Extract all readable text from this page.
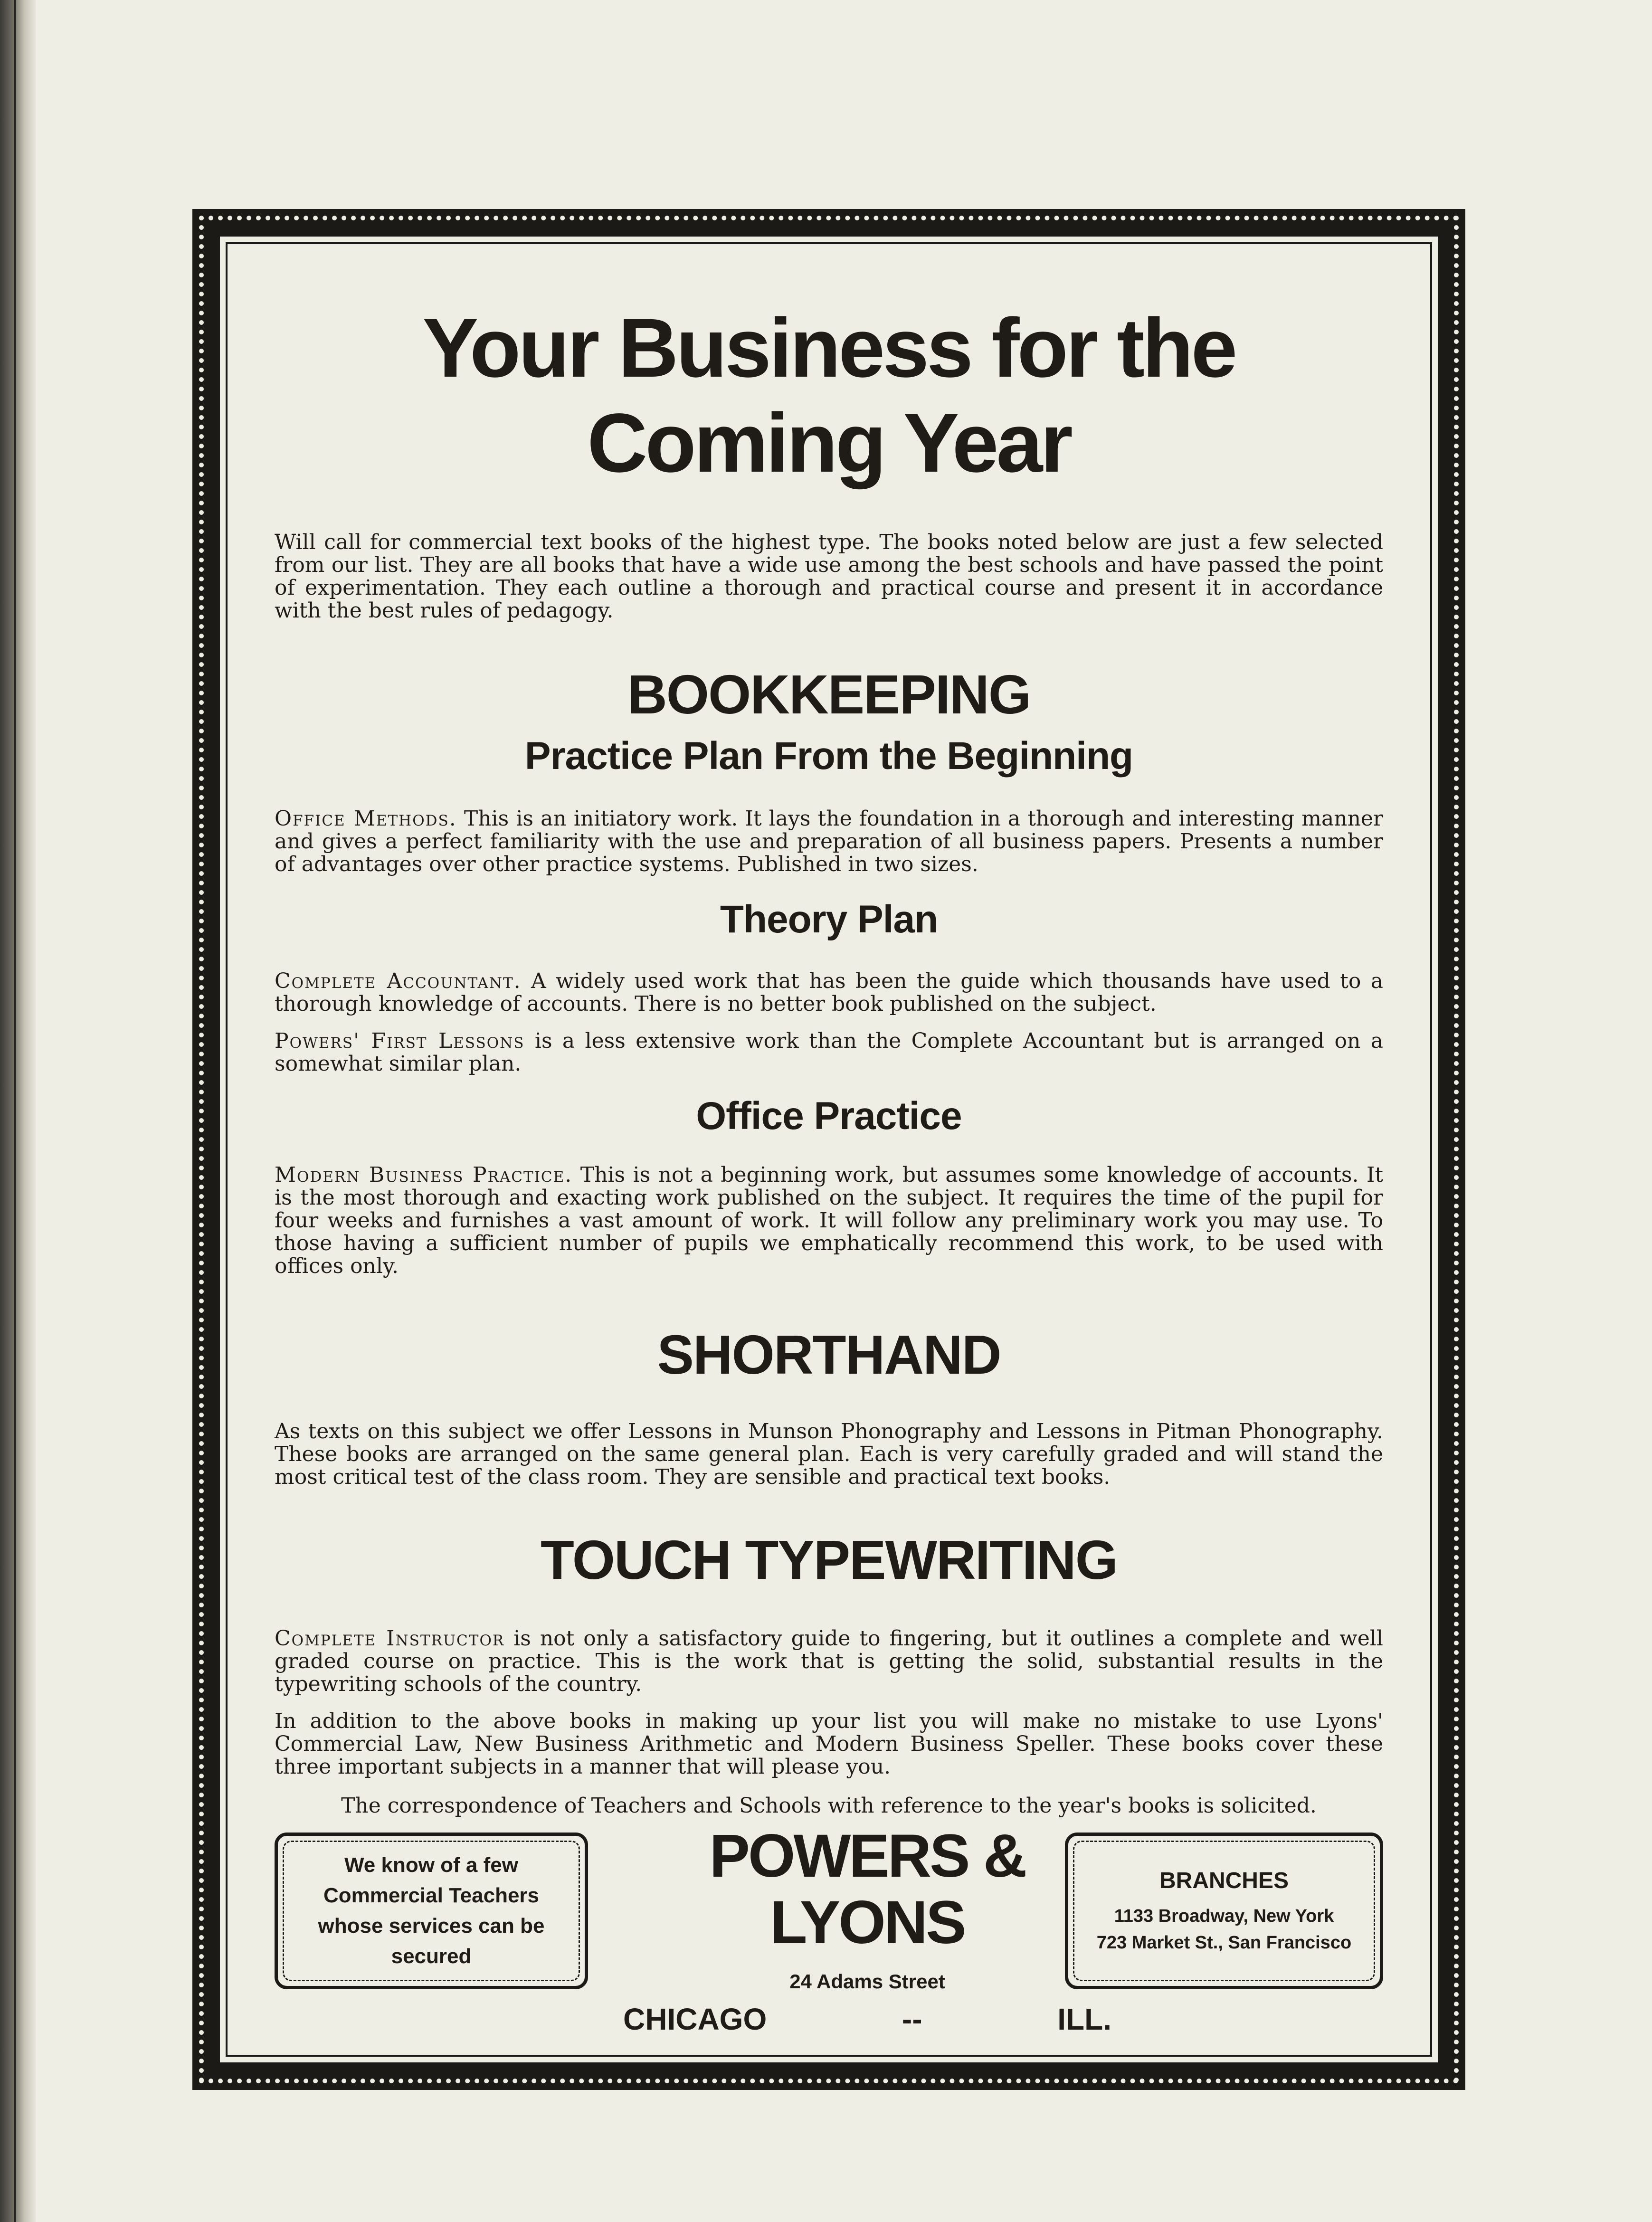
Your Business for the Coming Year

Will call for commercial text books of the highest type. The books noted below are just a few selected from our list. They are all books that have a wide use among the best schools and have passed the point of experimentation. They each outline a thorough and practical course and present it in accordance with the best rules of pedagogy.

BOOKKEEPING
Practice Plan From the Beginning

Office Methods. This is an initiatory work. It lays the foundation in a thorough and interesting manner and gives a perfect familiarity with the use and preparation of all business papers. Presents a number of advantages over other practice systems. Published in two sizes.

Theory Plan

Complete Accountant. A widely used work that has been the guide which thousands have used to a thorough knowledge of accounts. There is no better book published on the subject.

Powers' First Lessons is a less extensive work than the Complete Accountant but is arranged on a somewhat similar plan.

Office Practice

Modern Business Practice. This is not a beginning work, but assumes some knowledge of accounts. It is the most thorough and exacting work published on the subject. It requires the time of the pupil for four weeks and furnishes a vast amount of work. It will follow any preliminary work you may use. To those having a sufficient number of pupils we emphatically recommend this work, to be used with offices only.

SHORTHAND

As texts on this subject we offer Lessons in Munson Phonography and Lessons in Pitman Phonography. These books are arranged on the same general plan. Each is very carefully graded and will stand the most critical test of the class room. They are sensible and practical text books.

TOUCH TYPEWRITING

Complete Instructor is not only a satisfactory guide to fingering, but it outlines a complete and well graded course on practice. This is the work that is getting the solid, substantial results in the typewriting schools of the country.

In addition to the above books in making up your list you will make no mistake to use Lyons' Commercial Law, New Business Arithmetic and Modern Business Speller. These books cover these three important subjects in a manner that will please you.

The correspondence of Teachers and Schools with reference to the year's books is solicited.

We know of a few Commercial Teachers whose services can be secured
POWERS & LYONS
24 Adams Street
CHICAGO	--	ILL.
BRANCHES
1133 Broadway, New York
723 Market St., San Francisco
